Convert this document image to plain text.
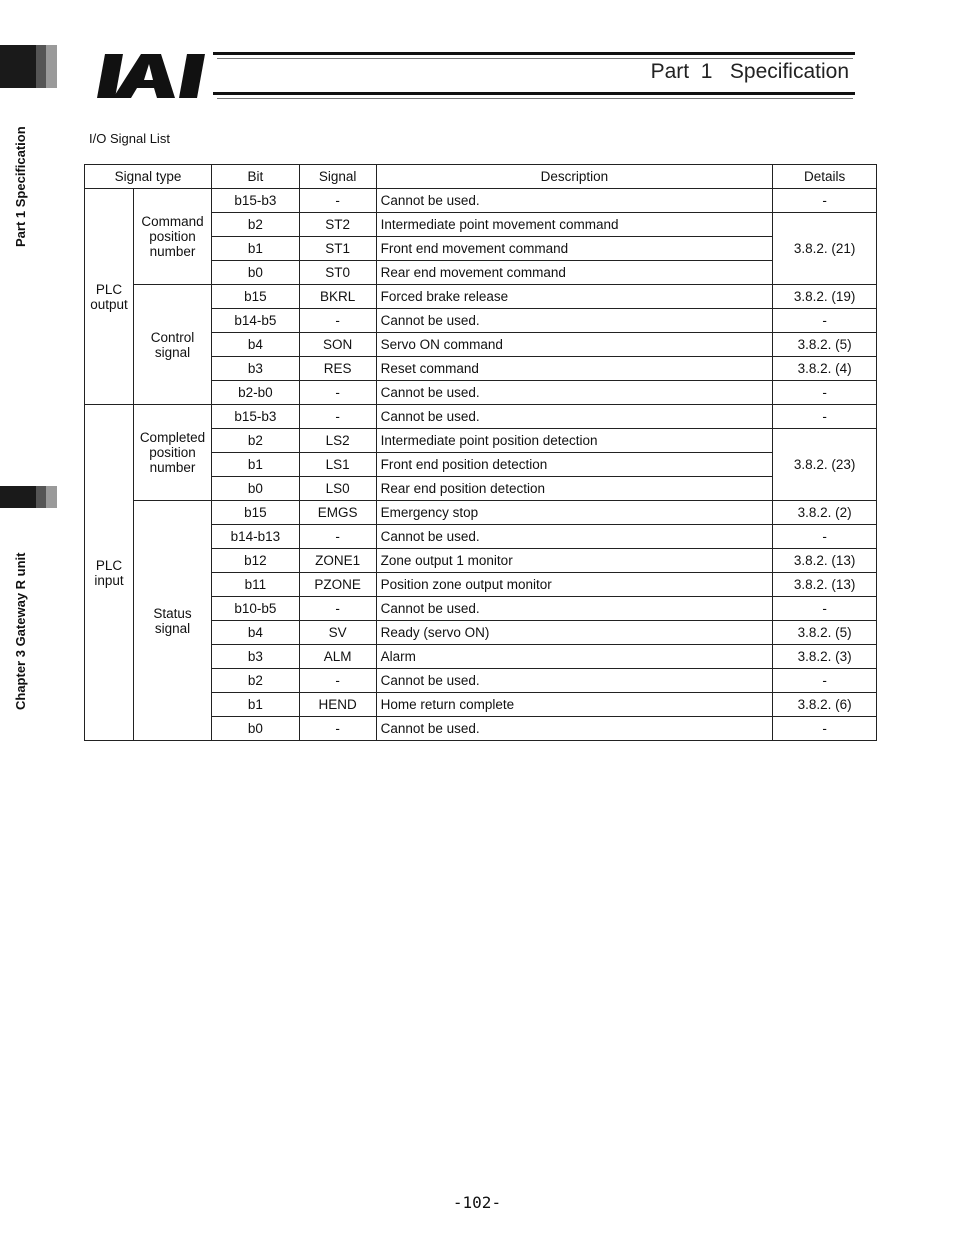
Part 1 Specification
Chapter 3 Gateway R unit
Part  1   Specification
I/O Signal List
Signal type		Bit	Signal	Description	Details
PLC output	Command position number	b15-b3	-	Cannot be used.	-
		b2	ST2	Intermediate point movement command	3.8.2. (21)
		b1	ST1	Front end movement command	
		b0	ST0	Rear end movement command	
	Control signal	b15	BKRL	Forced brake release	3.8.2. (19)
		b14-b5	-	Cannot be used.	-
		b4	SON	Servo ON command	3.8.2. (5)
		b3	RES	Reset command	3.8.2. (4)
		b2-b0	-	Cannot be used.	-
PLC input	Completed position number	b15-b3	-	Cannot be used.	-
		b2	LS2	Intermediate point position detection	3.8.2. (23)
		b1	LS1	Front end position detection	
		b0	LS0	Rear end position detection	
	Status signal	b15	EMGS	Emergency stop	3.8.2. (2)
		b14-b13	-	Cannot be used.	-
		b12	ZONE1	Zone output 1 monitor	3.8.2. (13)
		b11	PZONE	Position zone output monitor	3.8.2. (13)
		b10-b5	-	Cannot be used.	-
		b4	SV	Ready (servo ON)	3.8.2. (5)
		b3	ALM	Alarm	3.8.2. (3)
		b2	-	Cannot be used.	-
		b1	HEND	Home return complete	3.8.2. (6)
		b0	-	Cannot be used.	-
-102-
